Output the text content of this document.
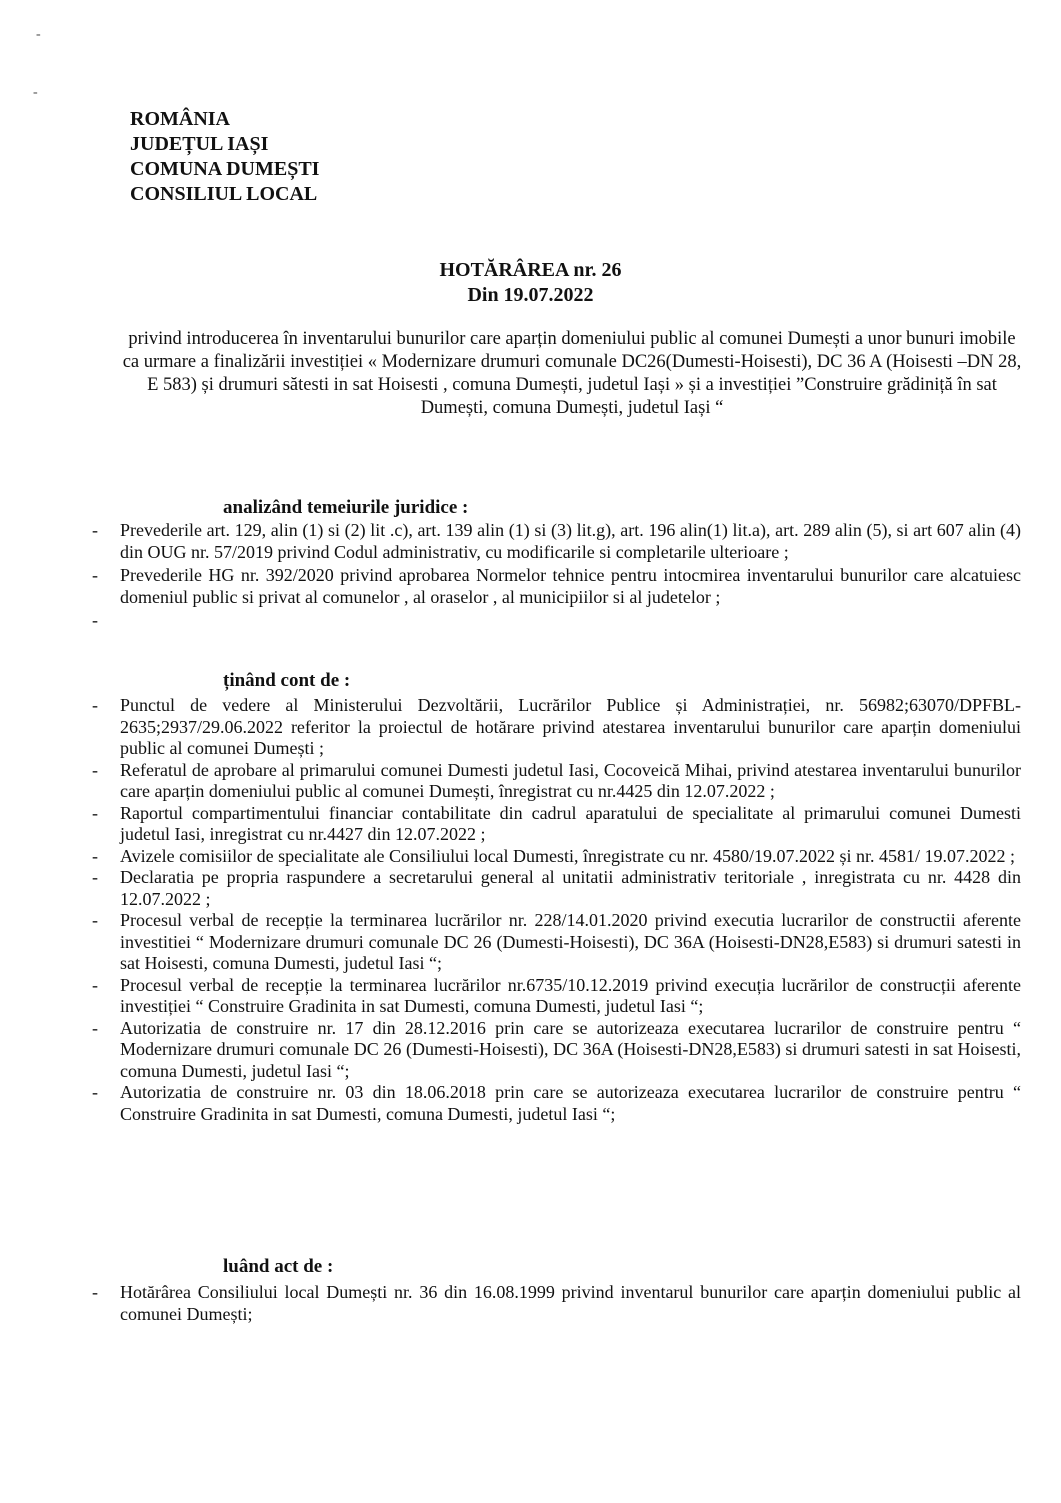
-
-
ROMÂNIA
JUDEȚUL IAȘI
COMUNA DUMEȘTI
CONSILIUL LOCAL
HOTĂRÂREA nr. 26
Din 19.07.2022
privind introducerea în inventarului bunurilor care aparțin domeniului public al comunei Dumești a unor bunuri imobile ca urmare a finalizării investiției « Modernizare drumuri comunale DC26(Dumesti-Hoisesti), DC 36 A (Hoisesti –DN 28, E 583) și drumuri sătesti in sat Hoisesti , comuna Dumești, judetul Iași » și a investiției ”Construire grădiniță în sat Dumești, comuna Dumești, judetul Iași “
analizând temeiurile juridice :
- Prevederile art. 129, alin (1) si (2) lit .c), art. 139 alin (1) si (3) lit.g), art. 196 alin(1) lit.a), art. 289 alin (5), si art 607 alin (4) din OUG nr. 57/2019 privind Codul administrativ, cu modificarile si completarile ulterioare ;
- Prevederile HG nr. 392/2020 privind aprobarea Normelor tehnice pentru intocmirea inventarului bunurilor care alcatuiesc domeniul public si privat al comunelor , al oraselor , al municipiilor si al judetelor ;
-
ținând cont de :
- Punctul de vedere al Ministerului Dezvoltării, Lucrărilor Publice și Administrației, nr. 56982;63070/DPFBL-2635;2937/29.06.2022 referitor la proiectul de hotărare privind atestarea inventarului bunurilor care aparțin domeniului public al comunei Dumești ;
- Referatul de aprobare al primarului comunei Dumesti judetul Iasi, Cocoveică Mihai, privind atestarea inventarului bunurilor care aparțin domeniului public al comunei Dumești, înregistrat cu nr.4425 din 12.07.2022 ;
- Raportul compartimentului financiar contabilitate din cadrul aparatului de specialitate al primarului comunei Dumesti judetul Iasi, inregistrat cu nr.4427 din 12.07.2022 ;
- Avizele comisiilor de specialitate ale Consiliului local Dumesti, înregistrate cu nr. 4580/19.07.2022 și nr. 4581/ 19.07.2022 ;
- Declaratia pe propria raspundere a secretarului general al unitatii administrativ teritoriale , inregistrata cu nr. 4428 din 12.07.2022 ;
- Procesul verbal de recepție la terminarea lucrărilor nr. 228/14.01.2020 privind executia lucrarilor de constructii aferente investitiei “ Modernizare drumuri comunale DC 26 (Dumesti-Hoisesti), DC 36A (Hoisesti-DN28,E583) si drumuri satesti in sat Hoisesti, comuna Dumesti, judetul Iasi “;
- Procesul verbal de recepție la terminarea lucrărilor nr.6735/10.12.2019 privind execuția lucrărilor de construcții aferente investiției “ Construire Gradinita in sat Dumesti, comuna Dumesti, judetul Iasi “;
- Autorizatia de construire nr. 17 din 28.12.2016 prin care se autorizeaza executarea lucrarilor de construire pentru “ Modernizare drumuri comunale DC 26 (Dumesti-Hoisesti), DC 36A (Hoisesti-DN28,E583) si drumuri satesti in sat Hoisesti, comuna Dumesti, judetul Iasi “;
- Autorizatia de construire nr. 03 din 18.06.2018 prin care se autorizeaza executarea lucrarilor de construire pentru “ Construire Gradinita in sat Dumesti, comuna Dumesti, judetul Iasi “;
luând act de :
- Hotărârea Consiliului local Dumești nr. 36 din 16.08.1999 privind inventarul bunurilor care aparțin domeniului public al comunei Dumești;
